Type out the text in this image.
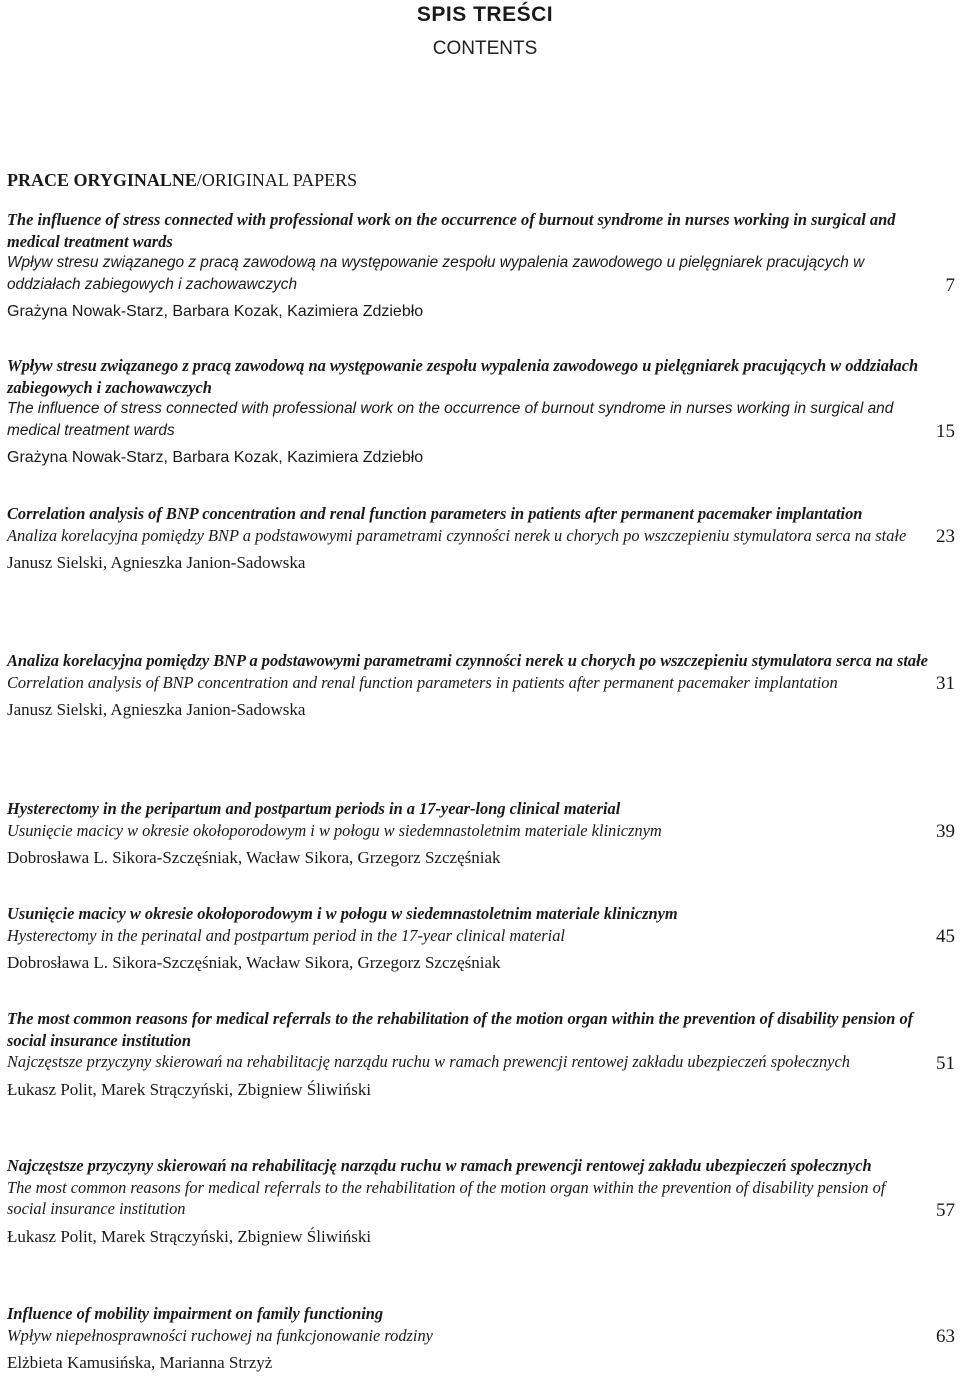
SPIS TREŚCI
CONTENTS
PRACE ORYGINALNE/ORIGINAL PAPERS

The influence of stress connected with professional work on the occurrence of burnout syndrome in nurses working in surgical and medical treatment wards

Wpływ stresu związanego z pracą zawodową na występowanie zespołu wypalenia zawodowego u pielęgniarek pracujących w oddziałach zabiegowych i zachowawczych	7
Grażyna Nowak-Starz, Barbara Kozak, Kazimiera Zdziebło

Wpływ stresu związanego z pracą zawodową na występowanie zespołu wypalenia zawodowego u pielęgniarek pracujących w oddziałach zabiegowych i zachowawczych

The influence of stress connected with professional work on the occurrence of burnout syndrome in nurses working in surgical and medical treatment wards	15
Grażyna Nowak-Starz, Barbara Kozak, Kazimiera Zdziebło

Correlation analysis of BNP concentration and renal function parameters in patients after permanent pacemaker implantation

Analiza korelacyjna pomiędzy BNP a podstawowymi parametrami czynności nerek u chorych po wszczepieniu stymulatora serca na stałe	23
Janusz Sielski, Agnieszka Janion-Sadowska

Analiza korelacyjna pomiędzy BNP a podstawowymi parametrami czynności nerek u chorych po wszczepieniu stymulatora serca na stałe

Correlation analysis of BNP concentration and renal function parameters in patients after permanent pacemaker implantation	31
Janusz Sielski, Agnieszka Janion-Sadowska

Hysterectomy in the peripartum and postpartum periods in a 17-year-long clinical material

Usunięcie macicy w okresie okołoporodowym i w połogu w siedemnastoletnim materiale klinicznym	39
Dobrosława L. Sikora-Szczęśniak, Wacław Sikora, Grzegorz Szczęśniak

Usunięcie macicy w okresie okołoporodowym i w połogu w siedemnastoletnim materiale klinicznym

Hysterectomy in the perinatal and postpartum period in the 17-year clinical material	45
Dobrosława L. Sikora-Szczęśniak, Wacław Sikora, Grzegorz Szczęśniak

The most common reasons for medical referrals to the rehabilitation of the motion organ within the prevention of disability pension of social insurance institution

Najczęstsze przyczyny skierowań na rehabilitację narządu ruchu w ramach prewencji rentowej zakładu ubezpieczeń społecznych	51
Łukasz Polit, Marek Strączyński, Zbigniew Śliwiński

Najczęstsze przyczyny skierowań na rehabilitację narządu ruchu w ramach prewencji rentowej zakładu ubezpieczeń społecznych

The most common reasons for medical referrals to the rehabilitation of the motion organ within the prevention of disability pension of social insurance institution	57
Łukasz Polit, Marek Strączyński, Zbigniew Śliwiński

Influence of mobility impairment on family functioning

Wpływ niepełnosprawności ruchowej na funkcjonowanie rodziny	63
Elżbieta Kamusińska, Marianna Strzyż
